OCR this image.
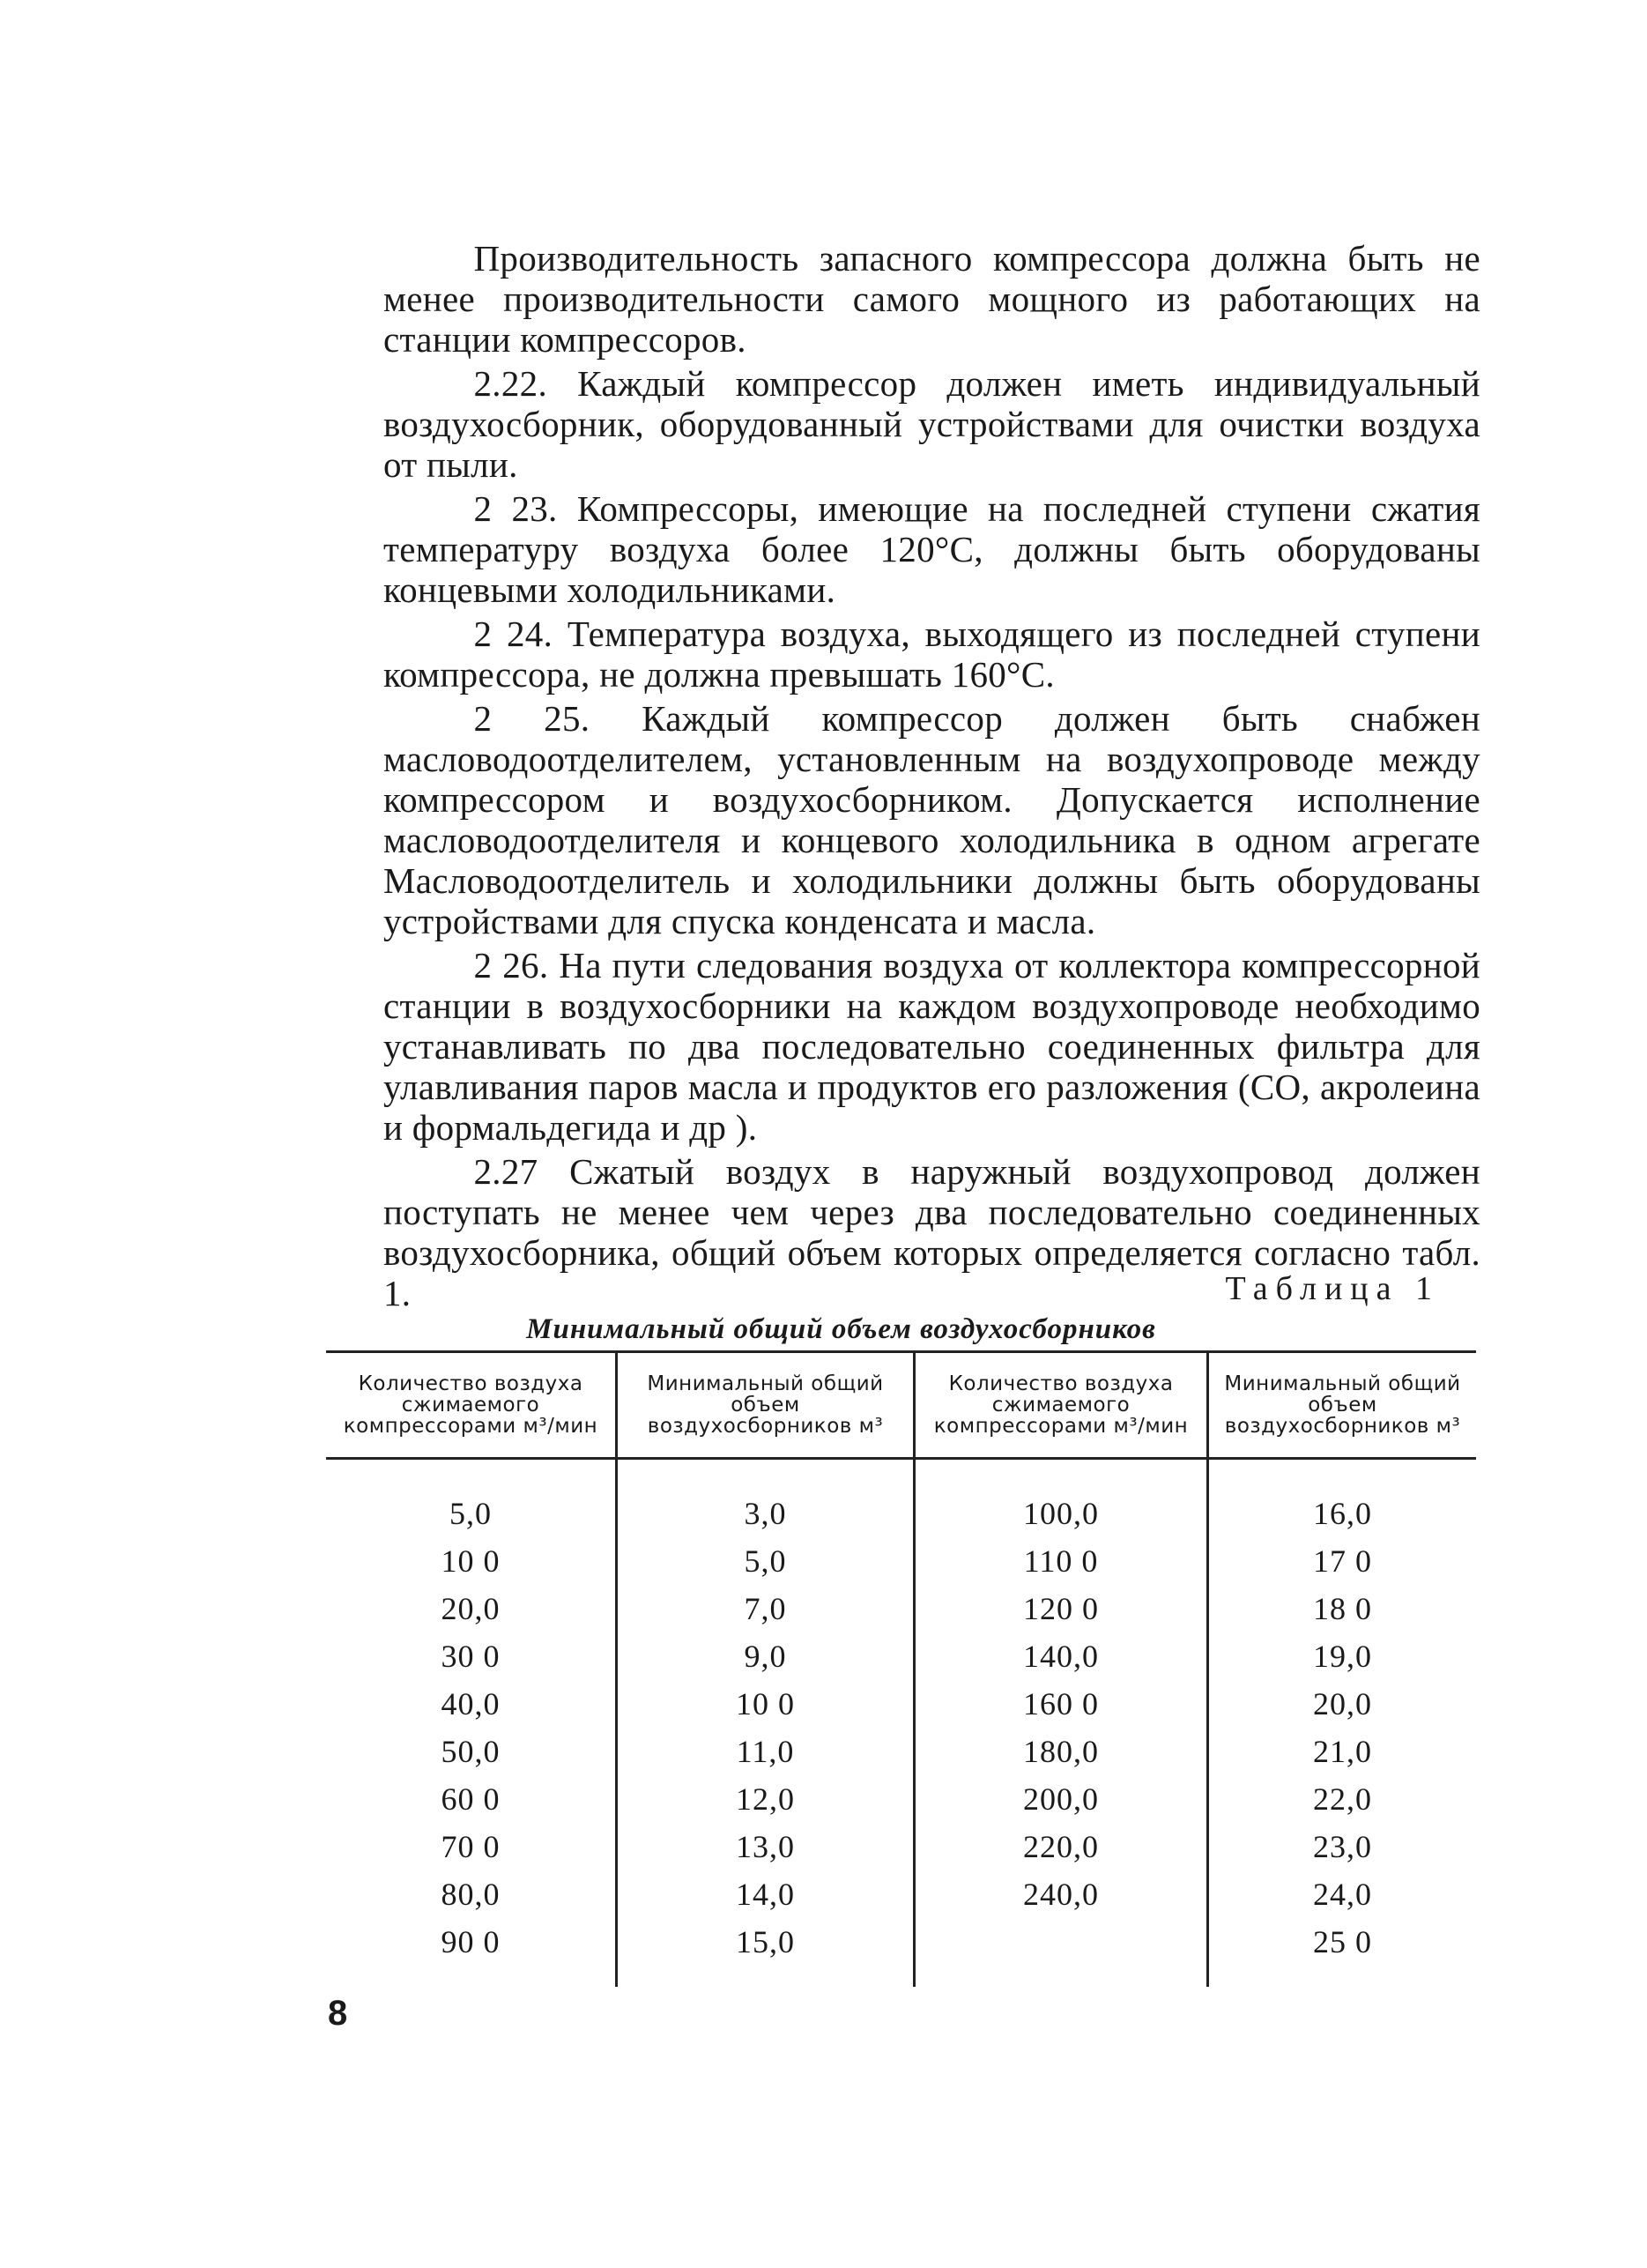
Производительность запасного компрессора должна быть не менее производительности самого мощного из работающих на станции компрессоров.

2.22. Каждый компрессор должен иметь индивидуальный воздухосборник, оборудованный устройствами для очистки воздуха от пыли.

2 23. Компрессоры, имеющие на последней ступени сжатия температуру воздуха более 120°С, должны быть оборудованы концевыми холодильниками.

2 24. Температура воздуха, выходящего из последней ступени компрессора, не должна превышать 160°С.

2 25. Каждый компрессор должен быть снабжен масловодоотделителем, установленным на воздухопроводе между компрессором и воздухосборником. Допускается исполнение масловодоотделителя и концевого холодильника в одном агрегате Масловодоотделитель и холодильники должны быть оборудованы устройствами для спуска конденсата и масла.

2 26. На пути следования воздуха от коллектора компрессорной станции в воздухосборники на каждом воздухопроводе необходимо устанавливать по два последовательно соединенных фильтра для улавливания паров масла и продуктов его разложения (СО, акролеина и формальдегида и др ).

2.27 Сжатый воздух в наружный воздухопровод должен поступать не менее чем через два последовательно соединенных воздухосборника, общий объем которых определяется согласно табл. 1.	Таблица 1
Минимальный общий объем воздухосборников
Количество воздуха сжимаемого компрессорами м³/мин
Минимальный общий объем воздухосборников м³
Количество воздуха сжимаемого компрессорами м³/мин
Минимальный общий объем воздухосборников м³
5,0
10 0
20,0
30 0
40,0
50,0
60 0
70 0
80,0
90 0
3,0
5,0
7,0
9,0
10 0
11,0
12,0
13,0
14,0
15,0
100,0
110 0
120 0
140,0
160 0
180,0
200,0
220,0
240,0
16,0
17 0
18 0
19,0
20,0
21,0
22,0
23,0
24,0
25 0
8
